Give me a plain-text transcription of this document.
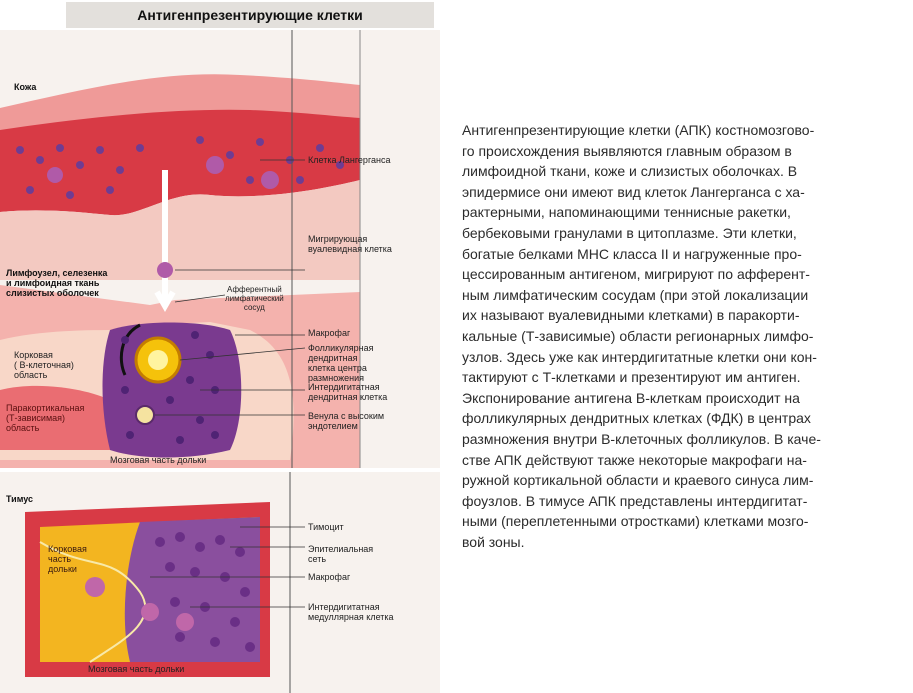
Антигенпрезентирующие клетки
Кожа
Лимфоузел, селезенка
и лимфоидная ткань
слизистых оболочек
Клетка Лангерганса
Мигрирующая
вуалевидная клетка
Афферентный
лимфатический
сосуд
Макрофаг
Фолликулярная
дендритная
клетка центра
размножения
Интердигитатная
дендритная клетка
Венула с высоким
эндотелием
Корковая
( В-клеточная)
область
Паракортикальная
(Т-зависимая)
область
Мозговая часть дольки
Тимус
Тимоцит
Эпителиальная
сеть
Макрофаг
Интердигитатная
медуллярная клетка
Корковая
часть
дольки
Мозговая часть дольки
Антигенпрезентирующие клетки (АПК) костномозгово-
го происхождения выявляются главным образом в
лимфоидной ткани, коже и слизистых оболочках. В
эпидермисе они имеют вид клеток Лангерганса с ха-
рактерными, напоминающими теннисные ракетки,
бербековыми гранулами в цитоплазме. Эти клетки,
богатые белками МНС класса II и нагруженные про-
цессированным антигеном, мигрируют по афферент-
ным лимфатическим сосудам (при этой локализации
их называют вуалевидными клетками) в паракорти-
кальные (Т-зависимые) области регионарных лимфо-
узлов. Здесь уже как интердигитатные клетки они кон-
тактируют с Т-клетками и презентируют им антиген.
Экспонирование антигена В-клеткам происходит на
фолликулярных дендритных клетках (ФДК) в центрах
размножения внутри В-клеточных фолликулов. В каче-
стве АПК действуют также некоторые макрофаги на-
ружной кортикальной области и краевого синуса лим-
фоузлов. В тимусе АПК представлены интердигитат-
ными (переплетенными отростками) клетками мозго-
вой зоны.
